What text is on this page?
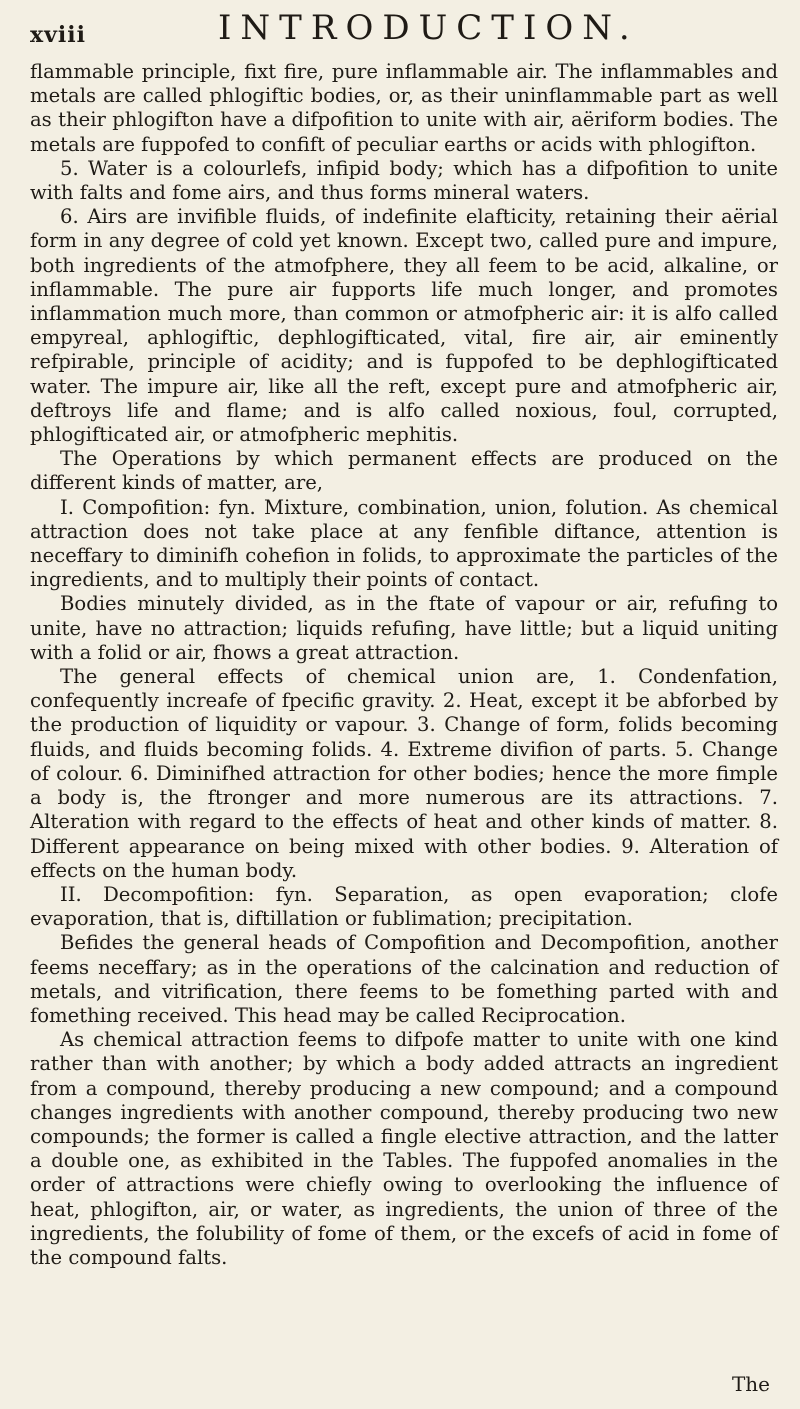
xviii	INTRODUCTION.

flammable principle, fixt fire, pure inflammable air. The inflammables and metals are called phlogiftic bodies, or, as their uninflammable part as well as their phlogifton have a difpofition to unite with air, aëriform bodies. The metals are fuppofed to confift of peculiar earths or acids with phlogifton.

5. Water is a colourlefs, infipid body; which has a difpofition to unite with falts and fome airs, and thus forms mineral waters.

6. Airs are invifible fluids, of indefinite elafticity, retaining their aërial form in any degree of cold yet known. Except two, called pure and impure, both ingredients of the atmofphere, they all feem to be acid, alkaline, or inflammable. The pure air fupports life much longer, and promotes inflammation much more, than common or atmofpheric air: it is alfo called empyreal, aphlogiftic, dephlogifticated, vital, fire air, air eminently refpirable, principle of acidity; and is fuppofed to be dephlogifticated water. The impure air, like all the reft, except pure and atmofpheric air, deftroys life and flame; and is alfo called noxious, foul, corrupted, phlogifticated air, or atmofpheric mephitis.

The Operations by which permanent effects are produced on the different kinds of matter, are,

I. Compofition: fyn. Mixture, combination, union, folution. As chemical attraction does not take place at any fenfible diftance, attention is neceffary to diminifh cohefion in folids, to approximate the particles of the ingredients, and to multiply their points of contact.

Bodies minutely divided, as in the ftate of vapour or air, refufing to unite, have no attraction; liquids refufing, have little; but a liquid uniting with a folid or air, fhows a great attraction.

The general effects of chemical union are, 1. Condenfation, confequently increafe of fpecific gravity. 2. Heat, except it be abforbed by the production of liquidity or vapour. 3. Change of form, folids becoming fluids, and fluids becoming folids. 4. Extreme divifion of parts. 5. Change of colour. 6. Diminifhed attraction for other bodies; hence the more fimple a body is, the ftronger and more numerous are its attractions. 7. Alteration with regard to the effects of heat and other kinds of matter. 8. Different appearance on being mixed with other bodies. 9. Alteration of effects on the human body.

II. Decompofition: fyn. Separation, as open evaporation; clofe evaporation, that is, diftillation or fublimation; precipitation.

Befides the general heads of Compofition and Decompofition, another feems neceffary; as in the operations of the calcination and reduction of metals, and vitrification, there feems to be fomething parted with and fomething received. This head may be called Reciprocation.

As chemical attraction feems to difpofe matter to unite with one kind rather than with another; by which a body added attracts an ingredient from a compound, thereby producing a new compound; and a compound changes ingredients with another compound, thereby producing two new compounds; the former is called a fingle elective attraction, and the latter a double one, as exhibited in the Tables. The fuppofed anomalies in the order of attractions were chiefly owing to overlooking the influence of heat, phlogifton, air, or water, as ingredients, the union of three of the ingredients, the folubility of fome of them, or the excefs of acid in fome of the compound falts.

The
